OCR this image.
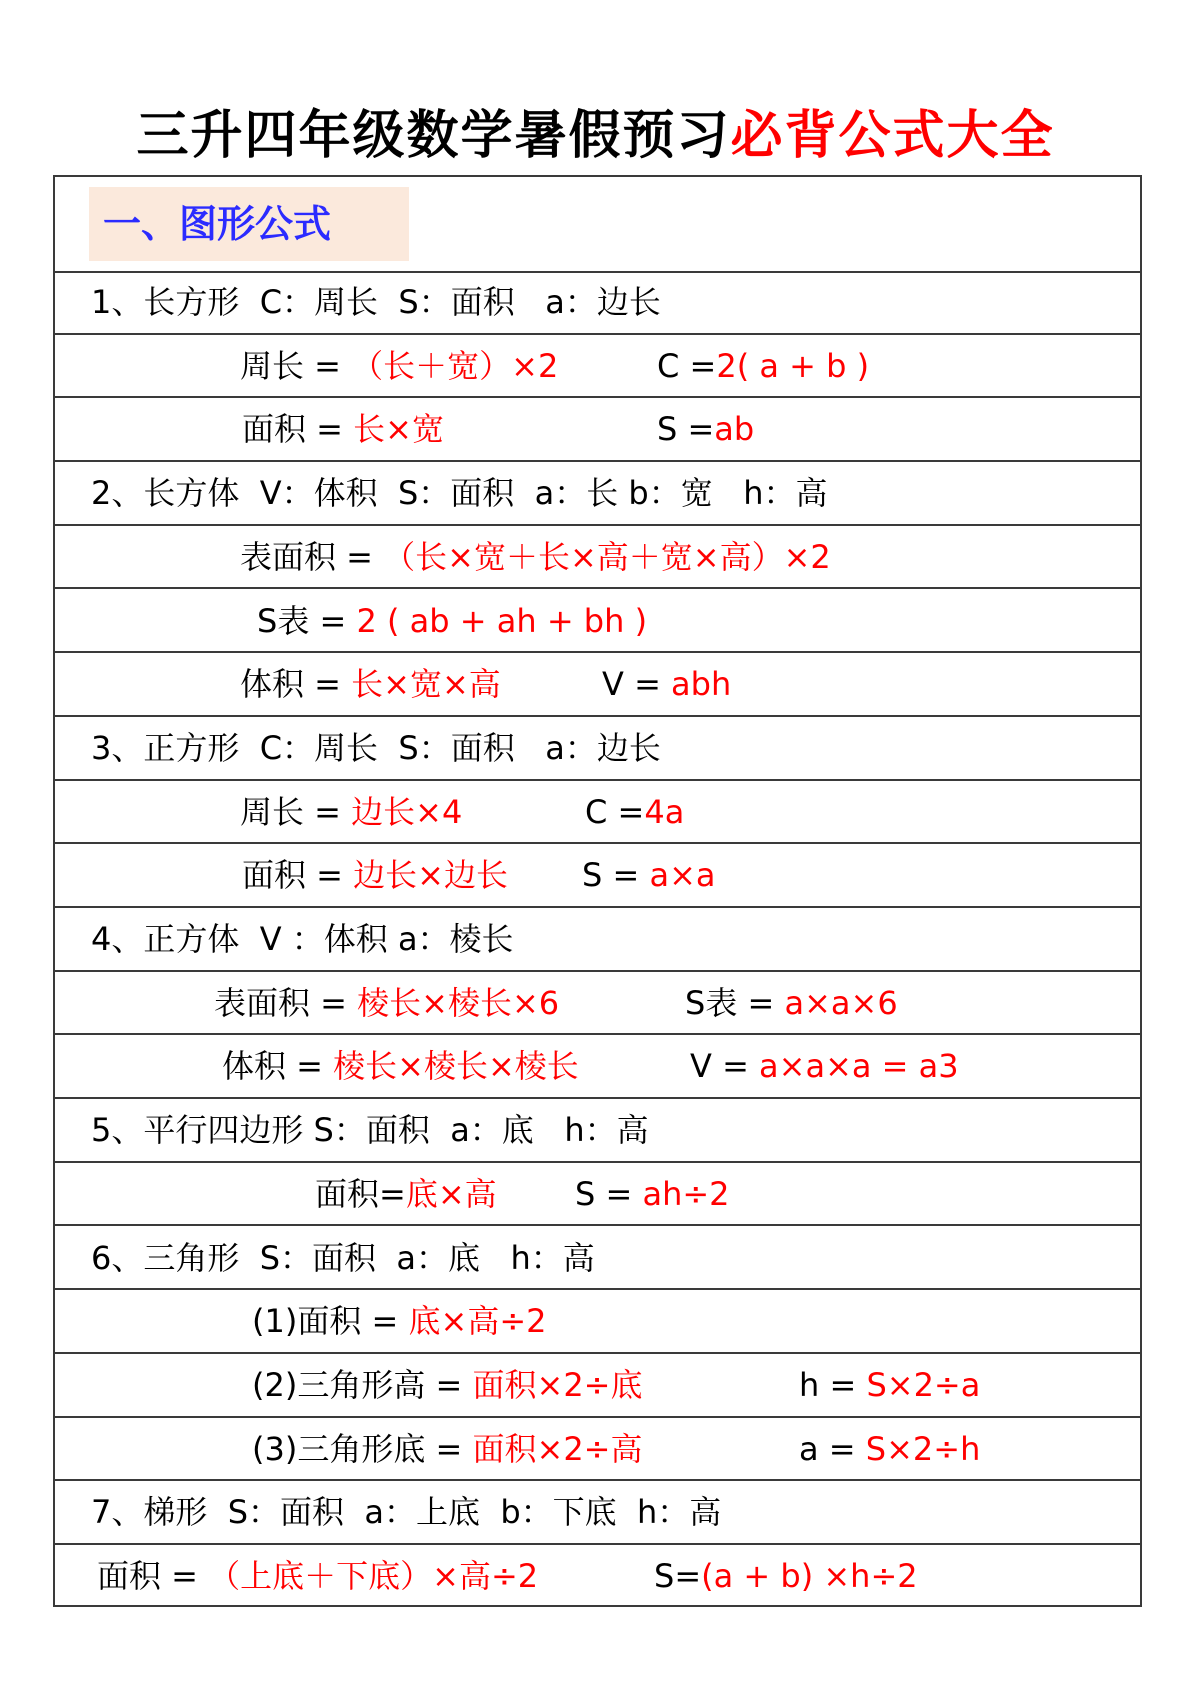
三升四年级数学暑假预习必背公式大全
一、图形公式
1、长方形  C：周长  S：面积   a：边长
周长 = （长＋宽）×2	C =2( a + b )
面积 = 长×宽	S =ab
2、长方体  V：体积  S：面积  a：长 b：宽   h：高
表面积 = （长×宽＋长×高＋宽×高）×2
S表 = 2 ( ab + ah + bh )
体积 = 长×宽×高	V = abh
3、正方形  C：周长  S：面积   a：边长
周长 = 边长×4	C =4a
面积 = 边长×边长 S = a×a
4、正方体  V ：体积 a：棱长
表面积 = 棱长×棱长×6	S表 = a×a×6
体积 = 棱长×棱长×棱长	V = a×a×a = a3
5、平行四边形 S：面积  a：底   h：高
面积=底×高 S = ah÷2
6、三角形  S：面积  a：底   h：高
(1)面积 = 底×高÷2
(2)三角形高 = 面积×2÷底	h = S×2÷a
(3)三角形底 = 面积×2÷高	a = S×2÷h
7、梯形  S：面积  a：上底  b：下底  h：高
面积 = （上底＋下底）×高÷2	S=(a + b) ×h÷2
